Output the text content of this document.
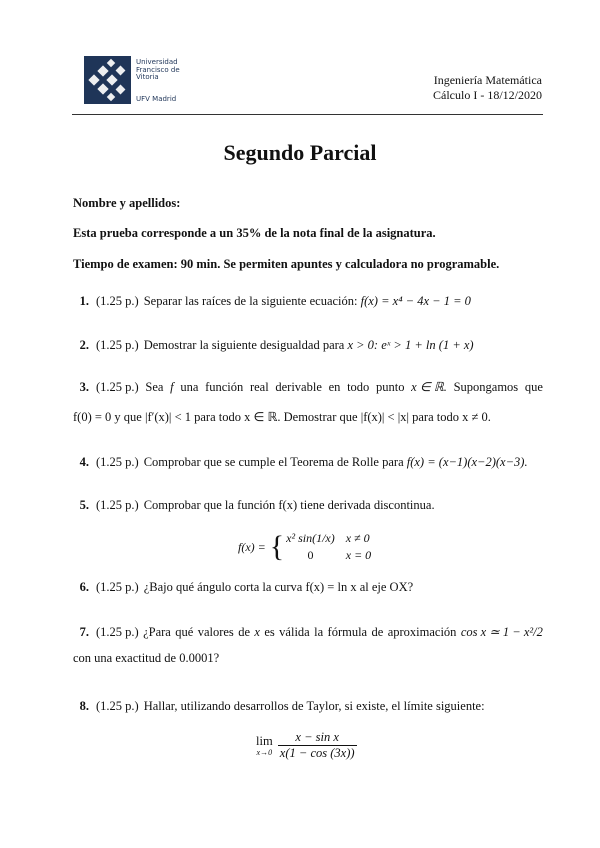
Universidad
Francisco de
Vitoria
UFV Madrid
Ingeniería Matemática
Cálculo I - 18/12/2020
Segundo Parcial
Nombre y apellidos:
Esta prueba corresponde a un 35% de la nota final de la asignatura.
Tiempo de examen: 90 min. Se permiten apuntes y calculadora no programable.
1. (1.25 p.) Separar las raíces de la siguiente ecuación: f(x) = x⁴ − 4x − 1 = 0
2. (1.25 p.) Demostrar la siguiente desigualdad para x > 0: eˣ > 1 + ln (1 + x)
3. (1.25 p.) Sea f una función real derivable en todo punto x ∈ ℝ. Supongamos que
f(0) = 0 y que |f′(x)| < 1 para todo x ∈ ℝ. Demostrar que |f(x)| < |x| para todo x ≠ 0.
4. (1.25 p.) Comprobar que se cumple el Teorema de Rolle para f(x) = (x−1)(x−2)(x−3).
5. (1.25 p.) Comprobar que la función f(x) tiene derivada discontinua.
f(x) =	{	x² sin(1/x)	x ≠ 0
		0	x = 0
6. (1.25 p.) ¿Bajo qué ángulo corta la curva f(x) = ln x al eje OX?
7. (1.25 p.) ¿Para qué valores de x es válida la fórmula de aproximación cos x ≃ 1 − x²/2
con una exactitud de 0.0001?
8. (1.25 p.) Hallar, utilizando desarrollos de Taylor, si existe, el límite siguiente:
lim
x→0
$\frac{\text{x − sin x}}{x(1 - \cos (3x))}$
